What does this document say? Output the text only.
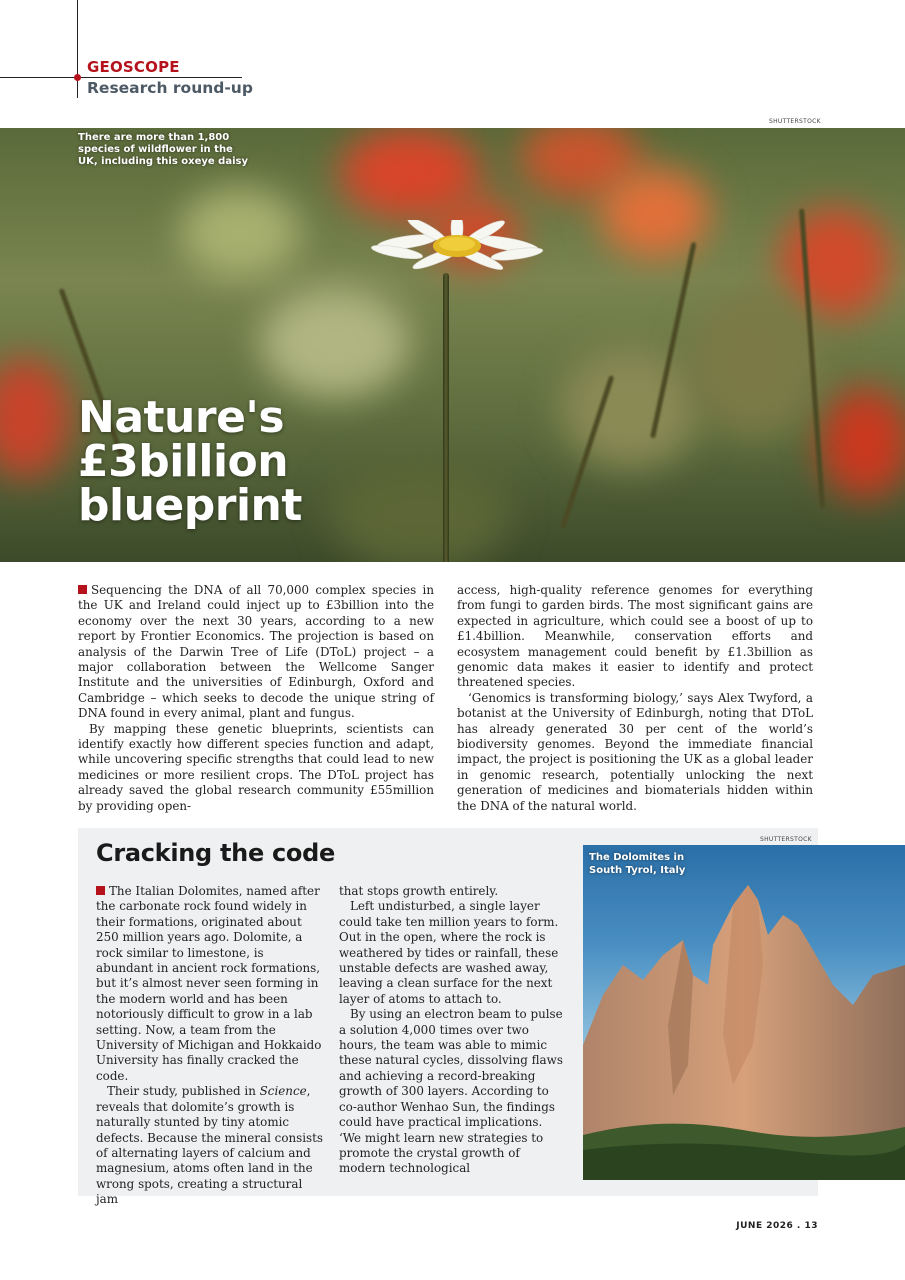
GEOSCOPE

Research round-up

SHUTTERSTOCK

There are more than 1,800 species of wildflower in the UK, including this oxeye daisy

Nature's
£3billion
blueprint

Sequencing the DNA of all 70,000 complex species in the UK and Ireland could inject up to £3billion into the economy over the next 30 years, according to a new report by Frontier Economics. The projection is based on analysis of the Darwin Tree of Life (DToL) project – a major collaboration between the Wellcome Sanger Institute and the universities of Edinburgh, Oxford and Cambridge – which seeks to decode the unique string of DNA found in every animal, plant and fungus.

By mapping these genetic blueprints, scientists can identify exactly how different species function and adapt, while uncovering specific strengths that could lead to new medicines or more resilient crops. The DToL project has already saved the global research community £55million by providing open-

access, high-quality reference genomes for everything from fungi to garden birds. The most significant gains are expected in agriculture, which could see a boost of up to £1.4billion. Meanwhile, conservation efforts and ecosystem management could benefit by £1.3billion as genomic data makes it easier to identify and protect threatened species.

‘Genomics is transforming biology,’ says Alex Twyford, a botanist at the University of Edinburgh, noting that DToL has already generated 30 per cent of the world’s biodiversity genomes. Beyond the immediate financial impact, the project is positioning the UK as a global leader in genomic research, potentially unlocking the next generation of medicines and biomaterials hidden within the DNA of the natural world.

Cracking the code	SHUTTERSTOCK

The Italian Dolomites, named after the carbonate rock found widely in their formations, originated about 250 million years ago. Dolomite, a rock similar to limestone, is abundant in ancient rock formations, but it’s almost never seen forming in the modern world and has been notoriously difficult to grow in a lab setting. Now, a team from the University of Michigan and Hokkaido University has finally cracked the code.

Their study, published in Science, reveals that dolomite’s growth is naturally stunted by tiny atomic defects. Because the mineral consists of alternating layers of calcium and magnesium, atoms often land in the wrong spots, creating a structural jam

that stops growth entirely.

Left undisturbed, a single layer could take ten million years to form. Out in the open, where the rock is weathered by tides or rainfall, these unstable defects are washed away, leaving a clean surface for the next layer of atoms to attach to.

By using an electron beam to pulse a solution 4,000 times over two hours, the team was able to mimic these natural cycles, dissolving flaws and achieving a record-breaking growth of 300 layers. According to co-author Wenhao Sun, the findings could have practical implications. ‘We might learn new strategies to promote the crystal growth of modern technological

The Dolomites in South Tyrol, Italy

JUNE 2026 . 13
